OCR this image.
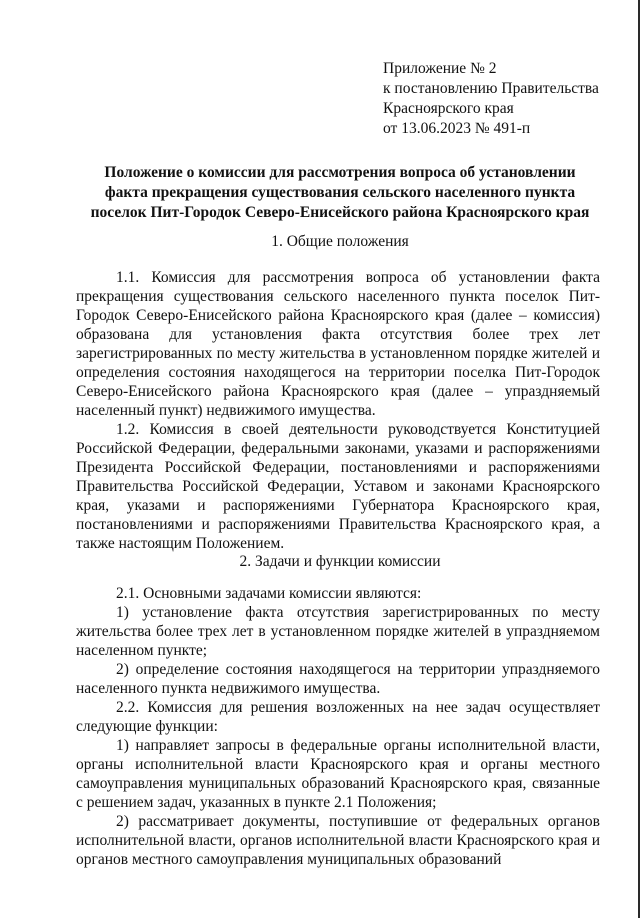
Приложение № 2
к постановлению Правительства
Красноярского края
от 13.06.2023 № 491-п
Положение о комиссии для рассмотрения вопроса об установлении
факта прекращения существования сельского населенного пункта
поселок Пит-Городок Северо-Енисейского района Красноярского края
1. Общие положения

1.1. Комиссия для рассмотрения вопроса об установлении факта прекращения существования сельского населенного пункта поселок Пит-Городок Северо-Енисейского района Красноярского края (далее – комиссия) образована для установления факта отсутствия более трех лет зарегистрированных по месту жительства в установленном порядке жителей и определения состояния находящегося на территории поселка Пит-Городок Северо-Енисейского района Красноярского края (далее – упраздняемый населенный пункт) недвижимого имущества.

1.2. Комиссия в своей деятельности руководствуется Конституцией Российской Федерации, федеральными законами, указами и распоряжениями Президента Российской Федерации, постановлениями и распоряжениями Правительства Российской Федерации, Уставом и законами Красноярского края, указами и распоряжениями Губернатора Красноярского края, постановлениями и распоряжениями Правительства Красноярского края, а также настоящим Положением.

2. Задачи и функции комиссии

2.1. Основными задачами комиссии являются:

1) установление факта отсутствия зарегистрированных по месту жительства более трех лет в установленном порядке жителей в упраздняемом населенном пункте;

2) определение состояния находящегося на территории упраздняемого населенного пункта недвижимого имущества.

2.2. Комиссия для решения возложенных на нее задач осуществляет следующие функции:

1) направляет запросы в федеральные органы исполнительной власти, органы исполнительной власти Красноярского края и органы местного самоуправления муниципальных образований Красноярского края, связанные с решением задач, указанных в пункте 2.1 Положения;

2) рассматривает документы, поступившие от федеральных органов исполнительной власти, органов исполнительной власти Красноярского края и органов местного самоуправления муниципальных образований
